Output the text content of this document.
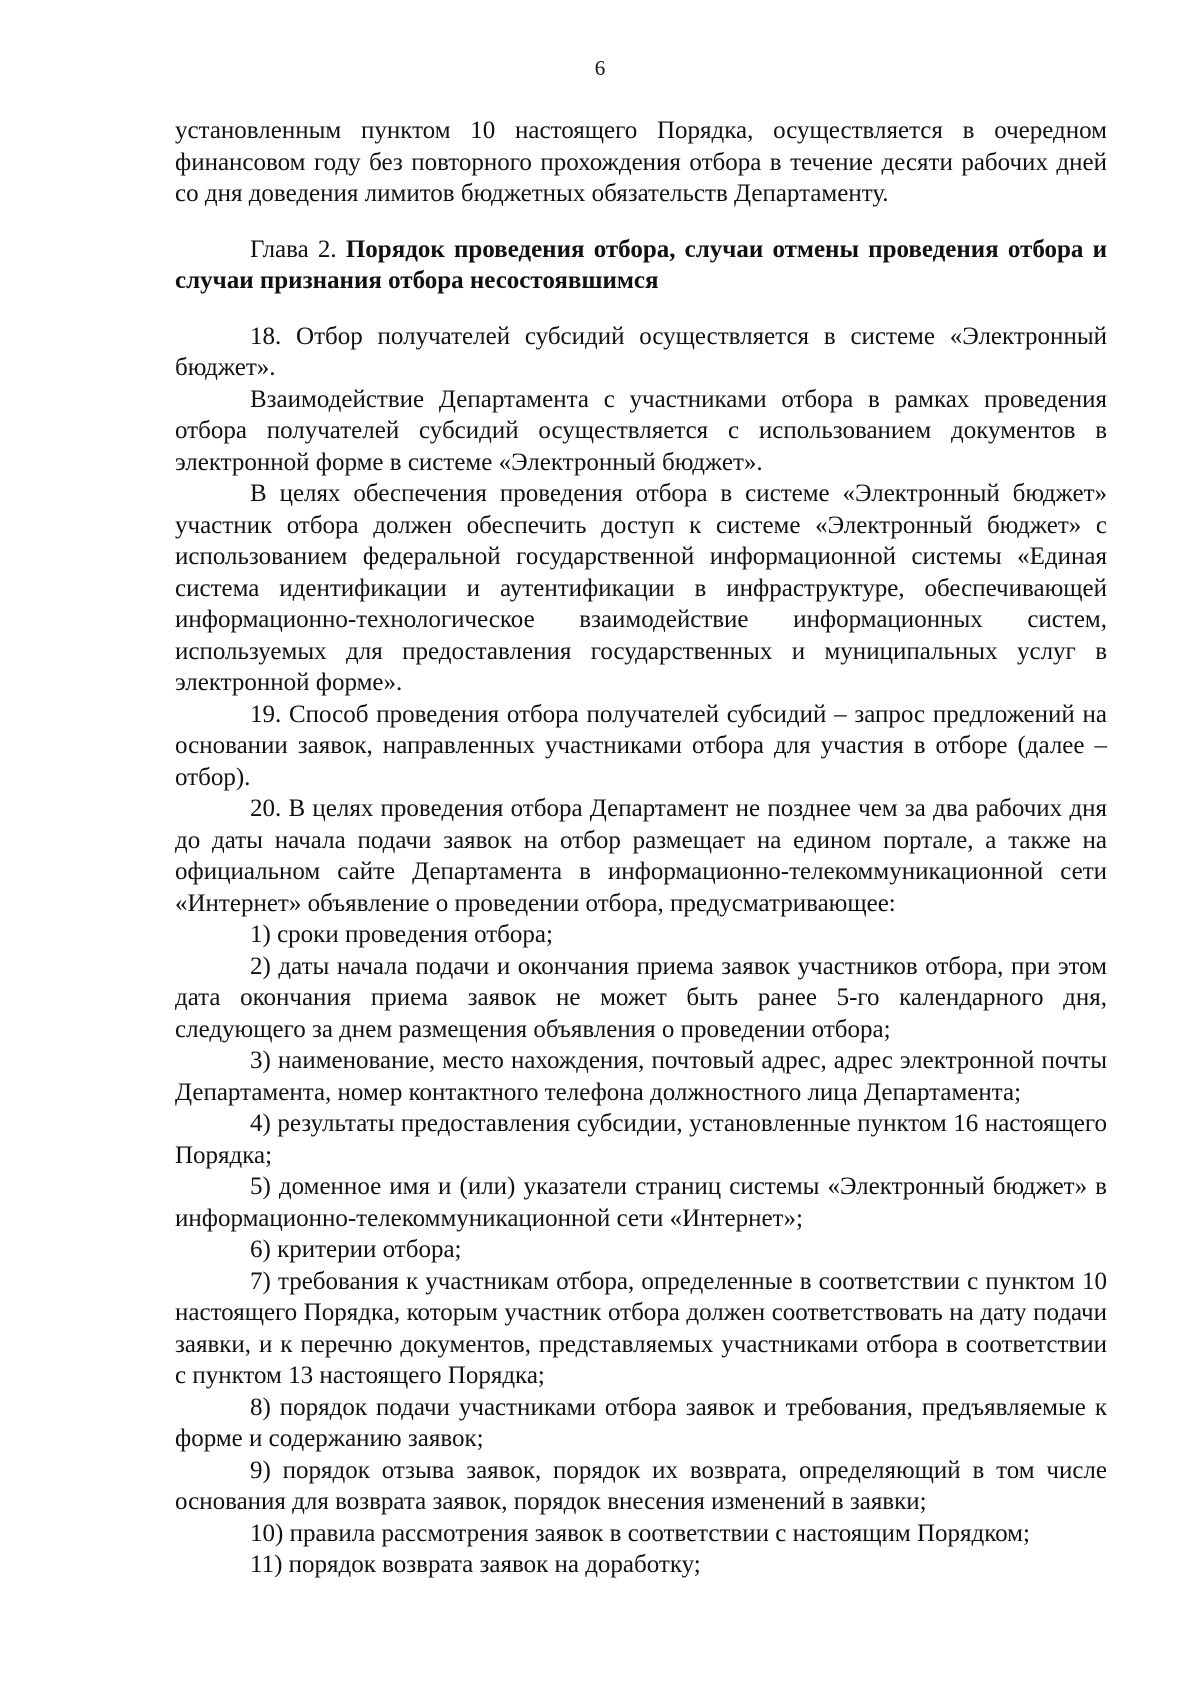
6

установленным пунктом 10 настоящего Порядка, осуществляется в очередном финансовом году без повторного прохождения отбора в течение десяти рабочих дней со дня доведения лимитов бюджетных обязательств Департаменту.

Глава 2. Порядок проведения отбора, случаи отмены проведения отбора и случаи признания отбора несостоявшимся

18. Отбор получателей субсидий осуществляется в системе «Электронный бюджет».

Взаимодействие Департамента с участниками отбора в рамках проведения отбора получателей субсидий осуществляется с использованием документов в электронной форме в системе «Электронный бюджет».

В целях обеспечения проведения отбора в системе «Электронный бюджет» участник отбора должен обеспечить доступ к системе «Электронный бюджет» с использованием федеральной государственной информационной системы «Единая система идентификации и аутентификации в инфраструктуре, обеспечивающей информационно-технологическое взаимодействие информационных систем, используемых для предоставления государственных и муниципальных услуг в электронной форме».

19. Способ проведения отбора получателей субсидий – запрос предложений на основании заявок, направленных участниками отбора для участия в отборе (далее – отбор).

20. В целях проведения отбора Департамент не позднее чем за два рабочих дня до даты начала подачи заявок на отбор размещает на едином портале, а также на официальном сайте Департамента в информационно-телекоммуникационной сети «Интернет» объявление о проведении отбора, предусматривающее:

1) сроки проведения отбора;

2) даты начала подачи и окончания приема заявок участников отбора, при этом дата окончания приема заявок не может быть ранее 5-го календарного дня, следующего за днем размещения объявления о проведении отбора;

3) наименование, место нахождения, почтовый адрес, адрес электронной почты Департамента, номер контактного телефона должностного лица Департамента;

4) результаты предоставления субсидии, установленные пунктом 16 настоящего Порядка;

5) доменное имя и (или) указатели страниц системы «Электронный бюджет» в информационно-телекоммуникационной сети «Интернет»;

6) критерии отбора;

7) требования к участникам отбора, определенные в соответствии с пунктом 10 настоящего Порядка, которым участник отбора должен соответствовать на дату подачи заявки, и к перечню документов, представляемых участниками отбора в соответствии с пунктом 13 настоящего Порядка;

8) порядок подачи участниками отбора заявок и требования, предъявляемые к форме и содержанию заявок;

9) порядок отзыва заявок, порядок их возврата, определяющий в том числе основания для возврата заявок, порядок внесения изменений в заявки;

10) правила рассмотрения заявок в соответствии с настоящим Порядком;

11) порядок возврата заявок на доработку;
